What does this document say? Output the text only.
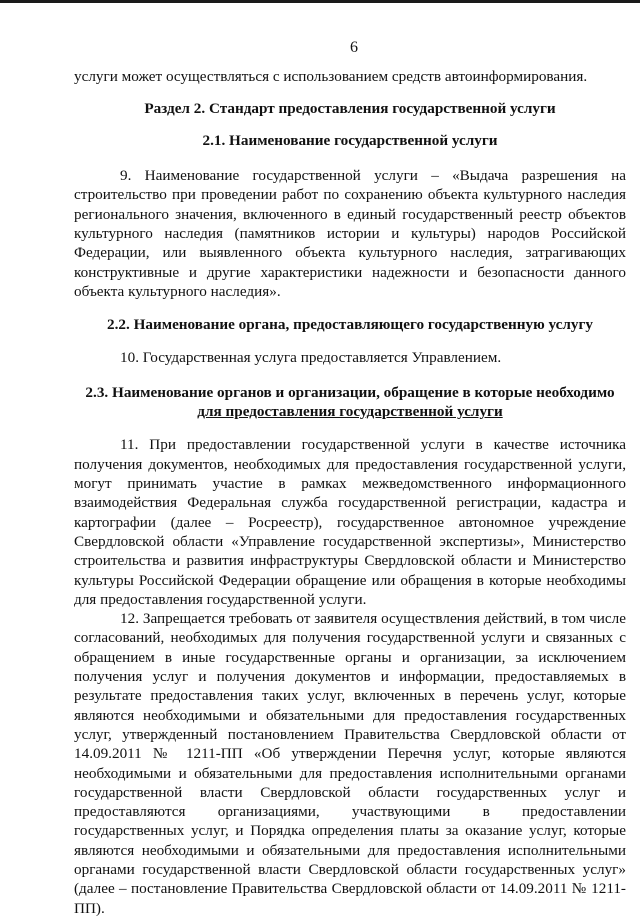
6

услуги может осуществляться с использованием средств автоинформирования.

Раздел 2. Стандарт предоставления государственной услуги

2.1. Наименование государственной услуги

9. Наименование государственной услуги – «Выдача разрешения на строительство при проведении работ по сохранению объекта культурного наследия регионального значения, включенного в единый государственный реестр объектов культурного наследия (памятников истории и культуры) народов Российской Федерации, или выявленного объекта культурного наследия, затрагивающих конструктивные и другие характеристики надежности и безопасности данного объекта культурного наследия».

2.2. Наименование органа, предоставляющего государственную услугу

10. Государственная услуга предоставляется Управлением.

2.3. Наименование органов и организации, обращение в которые необходимо
для предоставления государственной услуги

11. При предоставлении государственной услуги в качестве источника получения документов, необходимых для предоставления государственной услуги, могут принимать участие в рамках межведомственного информационного взаимодействия Федеральная служба государственной регистрации, кадастра и картографии (далее – Росреестр), государственное автономное учреждение Свердловской области «Управление государственной экспертизы», Министерство строительства и развития инфраструктуры Свердловской области и Министерство культуры Российской Федерации обращение или обращения в которые необходимы для предоставления государственной услуги.

12. Запрещается требовать от заявителя осуществления действий, в том числе согласований, необходимых для получения государственной услуги и связанных с обращением в иные государственные органы и организации, за исключением получения услуг и получения документов и информации, предоставляемых в результате предоставления таких услуг, включенных в перечень услуг, которые являются необходимыми и обязательными для предоставления государственных услуг, утвержденный постановлением Правительства Свердловской области от 14.09.2011 № 1211-ПП «Об утверждении Перечня услуг, которые являются необходимыми и обязательными для предоставления исполнительными органами государственной власти Свердловской области государственных услуг и предоставляются организациями, участвующими в предоставлении государственных услуг, и Порядка определения платы за оказание услуг, которые являются необходимыми и обязательными для предоставления исполнительными органами государственной власти Свердловской области государственных услуг» (далее – постановление Правительства Свердловской области от 14.09.2011 № 1211-ПП).
